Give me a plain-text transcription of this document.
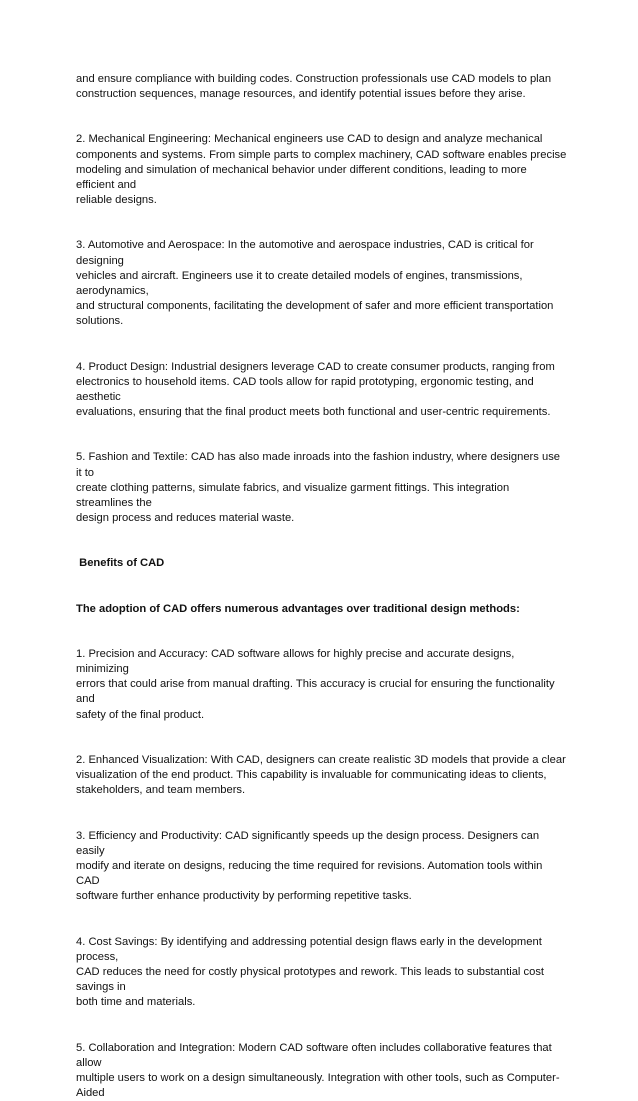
and ensure compliance with building codes. Construction professionals use CAD models to plan
construction sequences, manage resources, and identify potential issues before they arise.

2. Mechanical Engineering: Mechanical engineers use CAD to design and analyze mechanical
components and systems. From simple parts to complex machinery, CAD software enables precise
modeling and simulation of mechanical behavior under different conditions, leading to more efficient and
reliable designs.

3. Automotive and Aerospace: In the automotive and aerospace industries, CAD is critical for designing
vehicles and aircraft. Engineers use it to create detailed models of engines, transmissions, aerodynamics,
and structural components, facilitating the development of safer and more efficient transportation
solutions.

4. Product Design: Industrial designers leverage CAD to create consumer products, ranging from
electronics to household items. CAD tools allow for rapid prototyping, ergonomic testing, and aesthetic
evaluations, ensuring that the final product meets both functional and user-centric requirements.

5. Fashion and Textile: CAD has also made inroads into the fashion industry, where designers use it to
create clothing patterns, simulate fabrics, and visualize garment fittings. This integration streamlines the
design process and reduces material waste.

Benefits of CAD

The adoption of CAD offers numerous advantages over traditional design methods:

1. Precision and Accuracy: CAD software allows for highly precise and accurate designs, minimizing
errors that could arise from manual drafting. This accuracy is crucial for ensuring the functionality and
safety of the final product.

2. Enhanced Visualization: With CAD, designers can create realistic 3D models that provide a clear
visualization of the end product. This capability is invaluable for communicating ideas to clients,
stakeholders, and team members.

3. Efficiency and Productivity: CAD significantly speeds up the design process. Designers can easily
modify and iterate on designs, reducing the time required for revisions. Automation tools within CAD
software further enhance productivity by performing repetitive tasks.

4. Cost Savings: By identifying and addressing potential design flaws early in the development process,
CAD reduces the need for costly physical prototypes and rework. This leads to substantial cost savings in
both time and materials.

5. Collaboration and Integration: Modern CAD software often includes collaborative features that allow
multiple users to work on a design simultaneously. Integration with other tools, such as Computer-Aided
